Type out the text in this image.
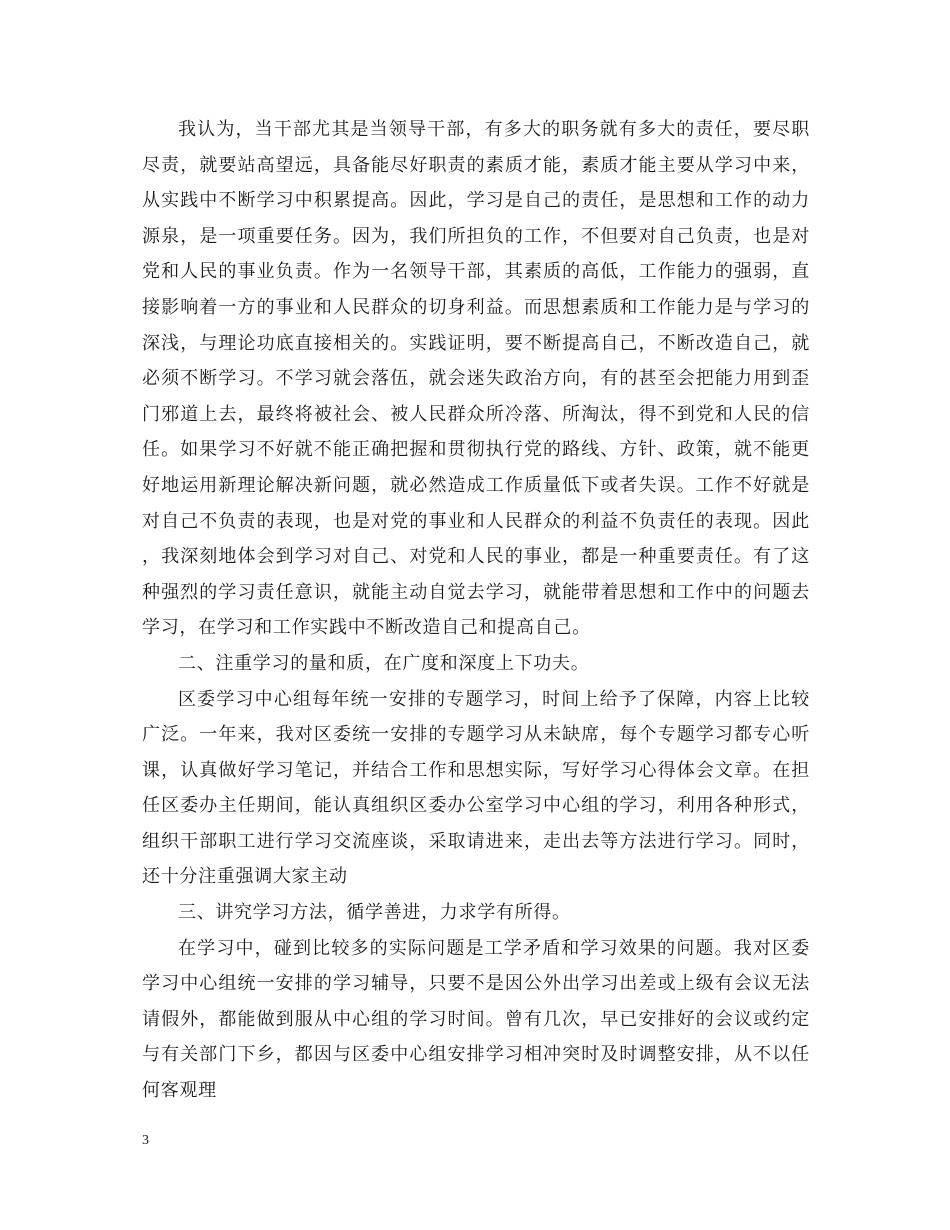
我认为，当干部尤其是当领导干部，有多大的职务就有多大的责任，要尽职尽责，就要站高望远，具备能尽好职责的素质才能，素质才能主要从学习中来，从实践中不断学习中积累提高。因此，学习是自己的责任，是思想和工作的动力源泉，是一项重要任务。因为，我们所担负的工作，不但要对自己负责，也是对党和人民的事业负责。作为一名领导干部，其素质的高低，工作能力的强弱，直接影响着一方的事业和人民群众的切身利益。而思想素质和工作能力是与学习的深浅，与理论功底直接相关的。实践证明，要不断提高自己，不断改造自己，就必须不断学习。不学习就会落伍，就会迷失政治方向，有的甚至会把能力用到歪门邪道上去，最终将被社会、被人民群众所冷落、所淘汰，得不到党和人民的信任。如果学习不好就不能正确把握和贯彻执行党的路线、方针、政策，就不能更好地运用新理论解决新问题，就必然造成工作质量低下或者失误。工作不好就是对自己不负责的表现，也是对党的事业和人民群众的利益不负责任的表现。因此，我深刻地体会到学习对自己、对党和人民的事业，都是一种重要责任。有了这种强烈的学习责任意识，就能主动自觉去学习，就能带着思想和工作中的问题去学习，在学习和工作实践中不断改造自己和提高自己。

二、注重学习的量和质，在广度和深度上下功夫。

区委学习中心组每年统一安排的专题学习，时间上给予了保障，内容上比较广泛。一年来，我对区委统一安排的专题学习从未缺席，每个专题学习都专心听课，认真做好学习笔记，并结合工作和思想实际，写好学习心得体会文章。在担任区委办主任期间，能认真组织区委办公室学习中心组的学习，利用各种形式，组织干部职工进行学习交流座谈，采取请进来，走出去等方法进行学习。同时，还十分注重强调大家主动

三、讲究学习方法，循学善进，力求学有所得。

在学习中，碰到比较多的实际问题是工学矛盾和学习效果的问题。我对区委学习中心组统一安排的学习辅导，只要不是因公外出学习出差或上级有会议无法请假外，都能做到服从中心组的学习时间。曾有几次，早已安排好的会议或约定与有关部门下乡，都因与区委中心组安排学习相冲突时及时调整安排，从不以任何客观理

3
